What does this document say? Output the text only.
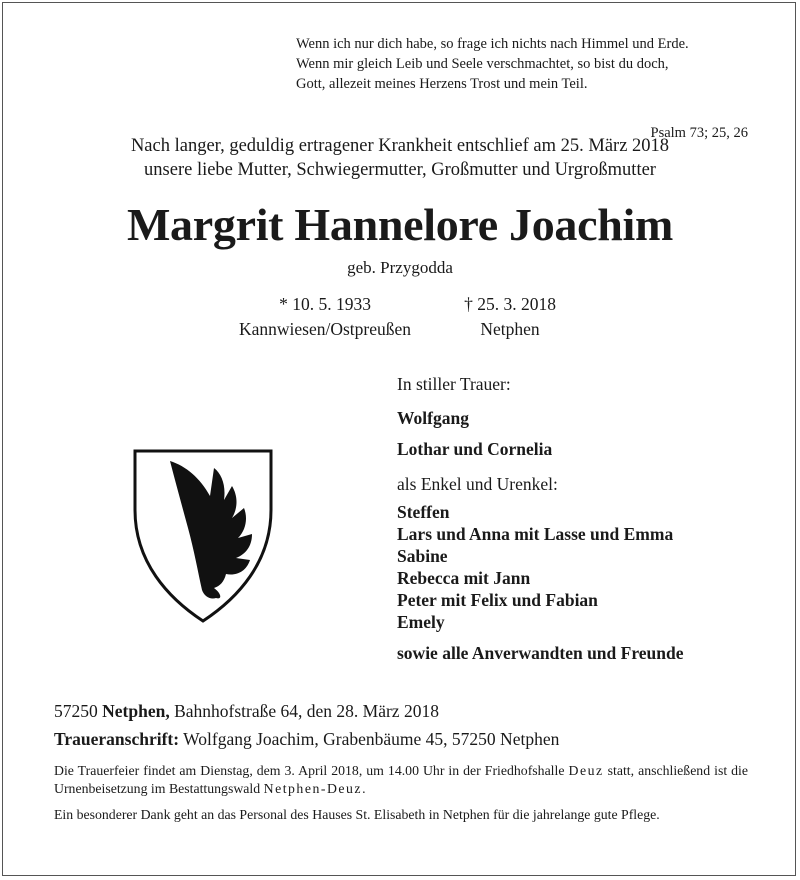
Wenn ich nur dich habe, so frage ich nichts nach Himmel und Erde.
Wenn mir gleich Leib und Seele verschmachtet, so bist du doch,
Gott, allezeit meines Herzens Trost und mein Teil.
Psalm 73; 25, 26
Nach langer, geduldig ertragener Krankheit entschlief am 25. März 2018
unsere liebe Mutter, Schwiegermutter, Großmutter und Urgroßmutter
Margrit Hannelore Joachim
geb. Przygodda
* 10. 5. 1933
Kannwiesen/Ostpreußen
† 25. 3. 2018
Netphen
In stiller Trauer:
Wolfgang
Lothar und Cornelia
als Enkel und Urenkel:
Steffen
Lars und Anna mit Lasse und Emma
Sabine
Rebecca mit Jann
Peter mit Felix und Fabian
Emely
sowie alle Anverwandten und Freunde
57250 Netphen, Bahnhofstraße 64, den 28. März 2018
Traueranschrift: Wolfgang Joachim, Grabenbäume 45, 57250 Netphen
Die Trauerfeier findet am Dienstag, dem 3. April 2018, um 14.00 Uhr in der Friedhofshalle Deuz statt, anschließend ist die Urnenbeisetzung im Bestattungswald Netphen-Deuz.
Ein besonderer Dank geht an das Personal des Hauses St. Elisabeth in Netphen für die jahrelange gute Pflege.
